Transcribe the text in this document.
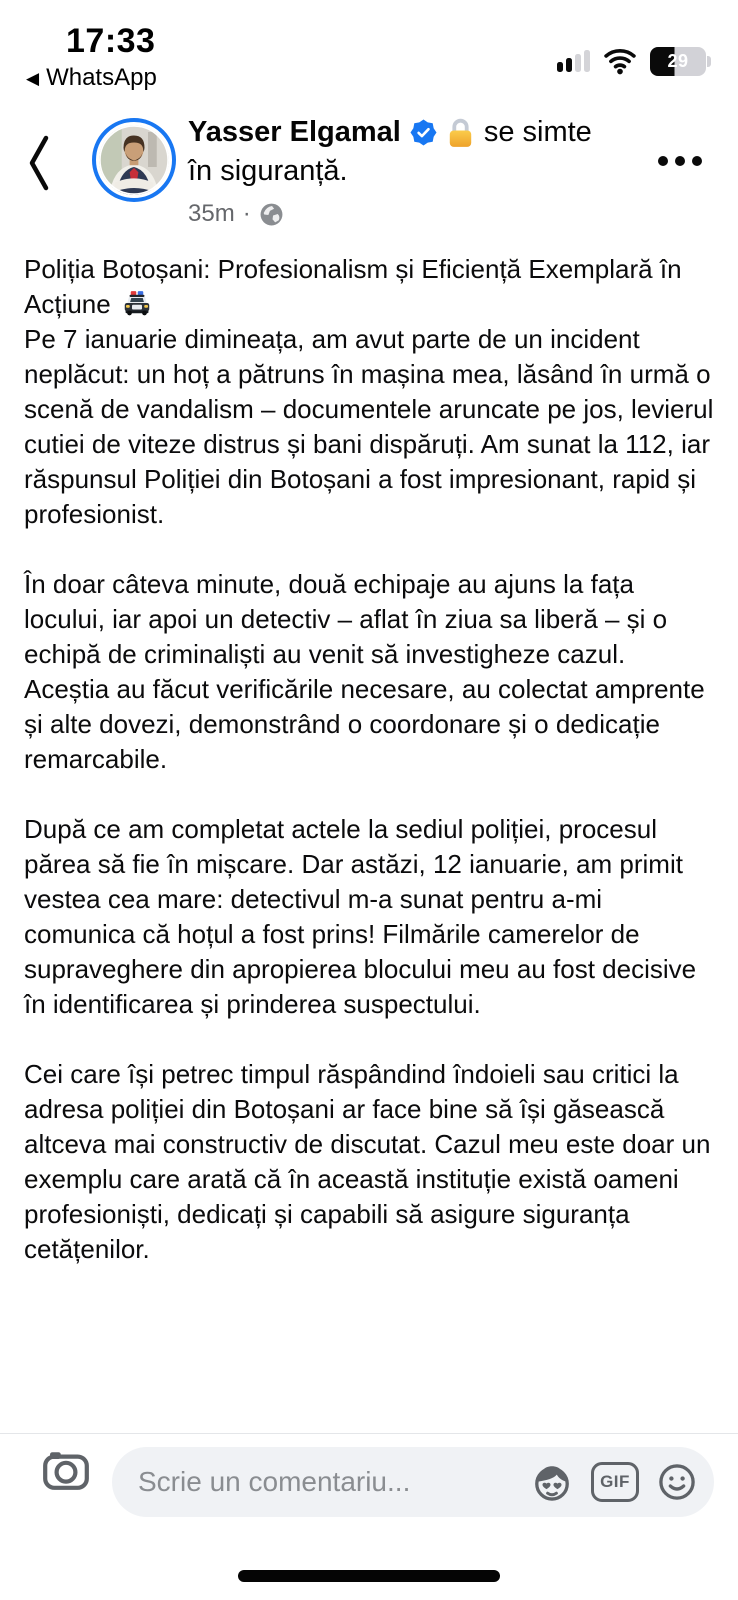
17:33
◀ WhatsApp
29
Yasser Elgamal	se simte
în siguranță.
35m ·

Poliția Botoșani: Profesionalism și Eficiență Exemplară în Acțiune

Pe 7 ianuarie dimineața, am avut parte de un incident neplăcut: un hoț a pătruns în mașina mea, lăsând în urmă o scenă de vandalism – documentele aruncate pe jos, levierul cutiei de viteze distrus și bani dispăruți. Am sunat la 112, iar răspunsul Poliției din Botoșani a fost impresionant, rapid și profesionist.

În doar câteva minute, două echipaje au ajuns la fața locului, iar apoi un detectiv – aflat în ziua sa liberă – și o echipă de criminaliști au venit să investigheze cazul. Aceștia au făcut verificările necesare, au colectat amprente și alte dovezi, demonstrând o coordonare și o dedicație remarcabile.

După ce am completat actele la sediul poliției, procesul părea să fie în mișcare. Dar astăzi, 12 ianuarie, am primit vestea cea mare: detectivul m-a sunat pentru a-mi comunica că hoțul a fost prins! Filmările camerelor de supraveghere din apropierea blocului meu au fost decisive în identificarea și prinderea suspectului.

Cei care își petrec timpul răspândind îndoieli sau critici la adresa poliției din Botoșani ar face bine să își găsească altceva mai constructiv de discutat. Cazul meu este doar un exemplu care arată că în această instituție există oameni profesioniști, dedicați și capabili să asigure siguranța cetățenilor.

Scrie un comentariu...
GIF
